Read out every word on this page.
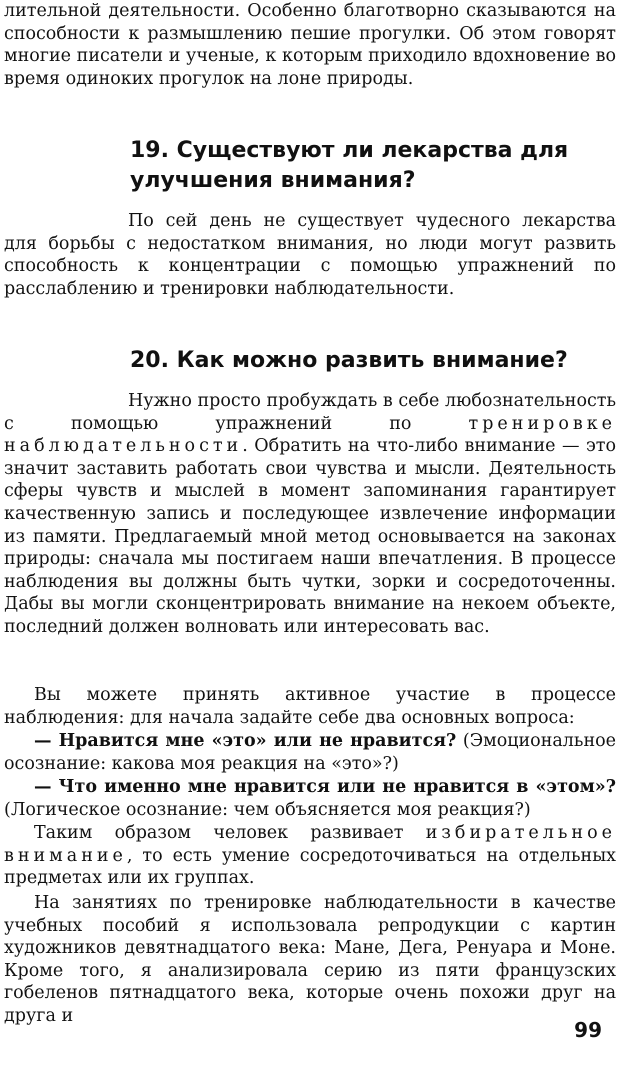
лительной деятельности. Особенно благотворно сказываются на способности к размышлению пешие прогулки. Об этом говорят многие писатели и ученые, к которым приходило вдохновение во время одиноких прогулок на лоне природы.

19. Существуют ли лекарства для улучшения внимания?

По сей день не существует чудесного лекарства для борьбы с недостатком внимания, но люди могут развить способность к концентрации с помощью упражнений по расслаблению и тренировки наблюдательности.

20. Как можно развить внимание?

Нужно просто пробуждать в себе любознательность с помощью упражнений по тренировке наблюдательности. Обратить на что-либо внимание — это значит заставить работать свои чувства и мысли. Деятельность сферы чувств и мыслей в момент запоминания гарантирует качественную запись и последующее извлечение информации из памяти. Предлагаемый мной метод основывается на законах природы: сначала мы постигаем наши впечатления. В процессе наблюдения вы должны быть чутки, зорки и сосредоточенны. Дабы вы могли сконцентрировать внимание на некоем объекте, последний должен волновать или интересовать вас.

Вы можете принять активное участие в процессе наблюдения: для начала задайте себе два основных вопроса:

— Нравится мне «это» или не нравится? (Эмоциональное осознание: какова моя реакция на «это»?)

— Что именно мне нравится или не нравится в «этом»? (Логическое осознание: чем объясняется моя реакция?)

Таким образом человек развивает избирательное внимание, то есть умение сосредоточиваться на отдельных предметах или их группах.

На занятиях по тренировке наблюдательности в качестве учебных пособий я использовала репродукции с картин художников девятнадцатого века: Мане, Дега, Ренуара и Моне. Кроме того, я анализировала серию из пяти французских гобеленов пятнадцатого века, которые очень похожи друг на друга и

99
